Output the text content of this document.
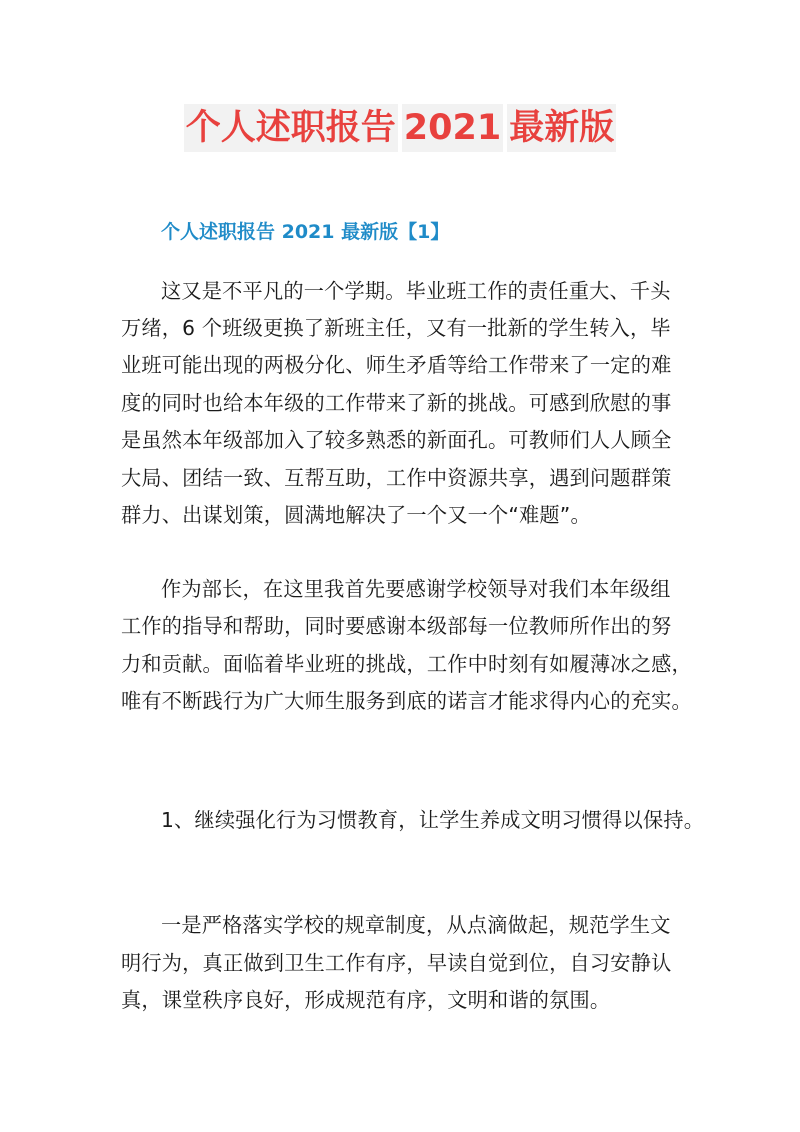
个人述职报告 2021 最新版
个人述职报告 2021 最新版【1】
这又是不平凡的一个学期。毕业班工作的责任重大、千头
万绪，6 个班级更换了新班主任，又有一批新的学生转入，毕
业班可能出现的两极分化、师生矛盾等给工作带来了一定的难
度的同时也给本年级的工作带来了新的挑战。可感到欣慰的事
是虽然本年级部加入了较多熟悉的新面孔。可教师们人人顾全
大局、团结一致、互帮互助，工作中资源共享，遇到问题群策
群力、出谋划策，圆满地解决了一个又一个“难题”。
作为部长，在这里我首先要感谢学校领导对我们本年级组
工作的指导和帮助，同时要感谢本级部每一位教师所作出的努
力和贡献。面临着毕业班的挑战，工作中时刻有如履薄冰之感，
唯有不断践行为广大师生服务到底的诺言才能求得内心的充实。
1、继续强化行为习惯教育，让学生养成文明习惯得以保持。
一是严格落实学校的规章制度，从点滴做起，规范学生文
明行为，真正做到卫生工作有序，早读自觉到位，自习安静认
真，课堂秩序良好，形成规范有序，文明和谐的氛围。
